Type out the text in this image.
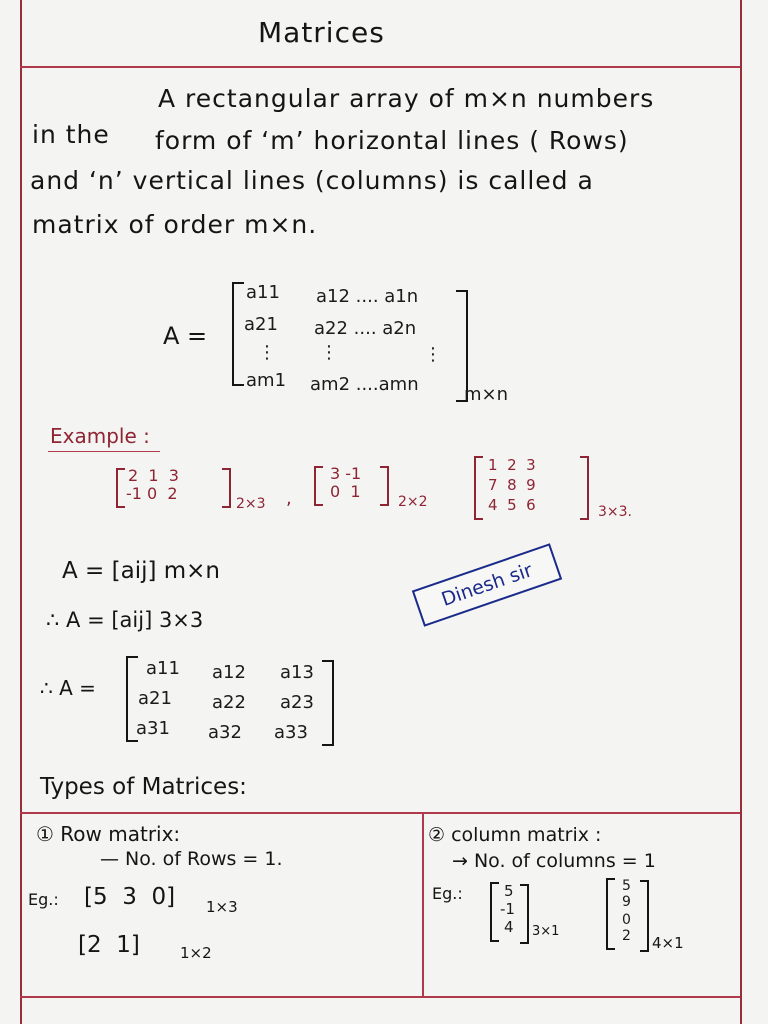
Matrices
A rectangular array of m×n numbers
in the form of ‘m’ horizontal lines ( Rows)
and ‘n’ vertical lines (columns) is called a
matrix of order m×n.
A =
a11 a12 .... a1n
a21 a22 .... a2n
⋮ ⋮	⋮
am1 am2 ....amn	m×n
Example :
2  1  3
-1 0  2
2×3 ,
3 -1
0  1
2×2
1  2  3
7  8  9
4  5  6	3×3.
A = [aij] m×n
∴ A = [aij] 3×3
∴ A =
a11 a12 a13
a21 a22 a23
a31 a32 a33
Dinesh sir
Types of Matrices:
① Row matrix:
— No. of Rows = 1.
Eg.: [5  3  0] 1×3
[2  1]	1×2
② column matrix :
→ No. of columns = 1
Eg.:	5
-1
4 3×1
5
9
0
2 4×1
